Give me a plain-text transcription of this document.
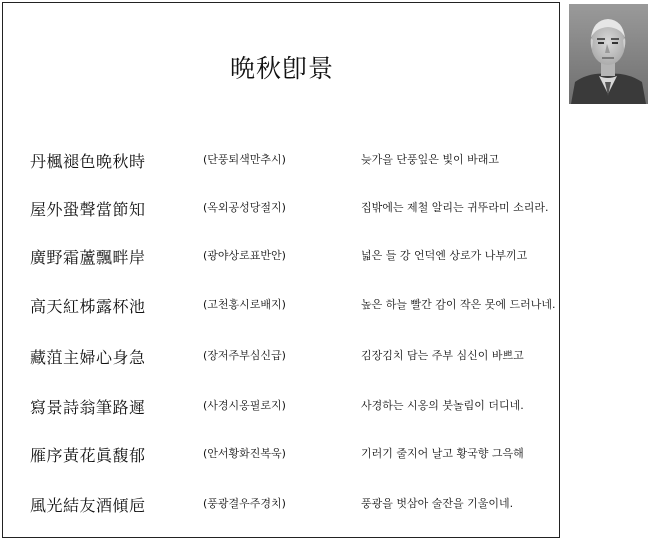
晩秋卽景
丹楓褪色晩秋時	(단풍퇴색만추시)	늦가을 단풍잎은 빛이 바래고
屋外蛩聲當節知	(옥외공성당절지)	집밖에는 제철 알리는 귀뚜라미 소리라.
廣野霜蘆飄畔岸	(광야상로표반안)	넓은 들 강 언덕엔 상로가 나부끼고
高天紅柹露杯池	(고천홍시로배지)	높은 하늘 빨간 감이 작은 못에 드러나네.
藏菹主婦心身急	(장저주부심신급)	김장김치 담는 주부 심신이 바쁘고
寫景詩翁筆路遲	(사경시옹필로지)	사경하는 시옹의 붓놀림이 더디네.
雁序黃花眞馥郁	(안서황화진복욱)	기러기 줄지어 날고 황국향 그윽해
風光結友酒傾巵	(풍광결우주경치)	풍광을 벗삼아 술잔을 기울이네.
